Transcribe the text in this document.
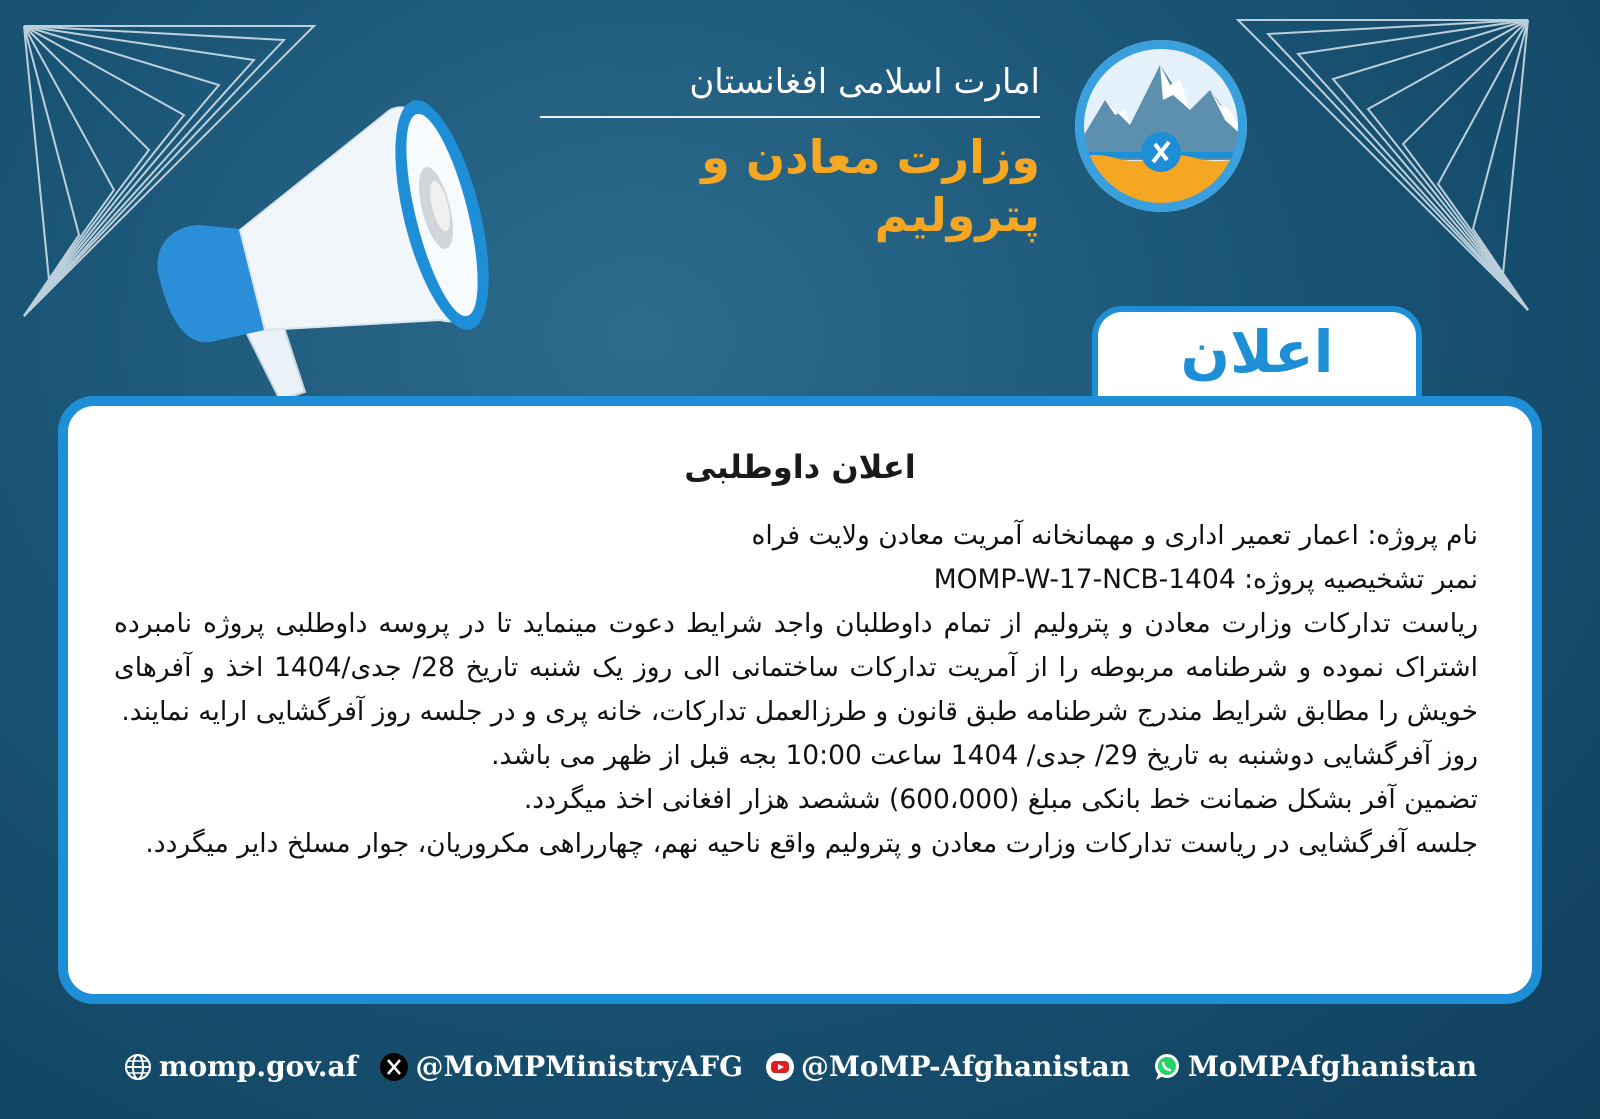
امارت اسلامی افغانستان
وزارت معادن و پترولیم
اعلان
اعلان داوطلبی

نام پروژه: اعمار تعمیر اداری و مهمانخانه آمریت معادن ولایت فراه

نمبر تشخیصیه پروژه: MOMP-W-17-NCB-1404

ریاست تدارکات وزارت معادن و پترولیم از تمام داوطلبان واجد شرایط دعوت مینماید تا در پروسه داوطلبی پروژه نامبرده اشتراک نموده و شرطنامه مربوطه را از آمریت تدارکات ساختمانی الی روز یک شنبه تاریخ 28/ جدی/1404 اخذ و آفرهای خویش را مطابق شرایط مندرج شرطنامه طبق قانون و طرزالعمل تدارکات، خانه پری و در جلسه روز آفرگشایی ارایه نمایند.

روز آفرگشایی دوشنبه به تاریخ 29/ جدی/ 1404 ساعت 10:00 بجه قبل از ظهر می باشد.

تضمین آفر بشکل ضمانت خط بانکی مبلغ (600،000) ششصد هزار افغانی اخذ میگردد.

جلسه آفرگشایی در ریاست تدارکات وزارت معادن و پترولیم واقع ناحیه نهم، چهارراهی مکروریان، جوار مسلخ دایر میگردد.

momp.gov.af
@MoMPMinistryAFG
@MoMP-Afghanistan
MoMPAfghanistan
